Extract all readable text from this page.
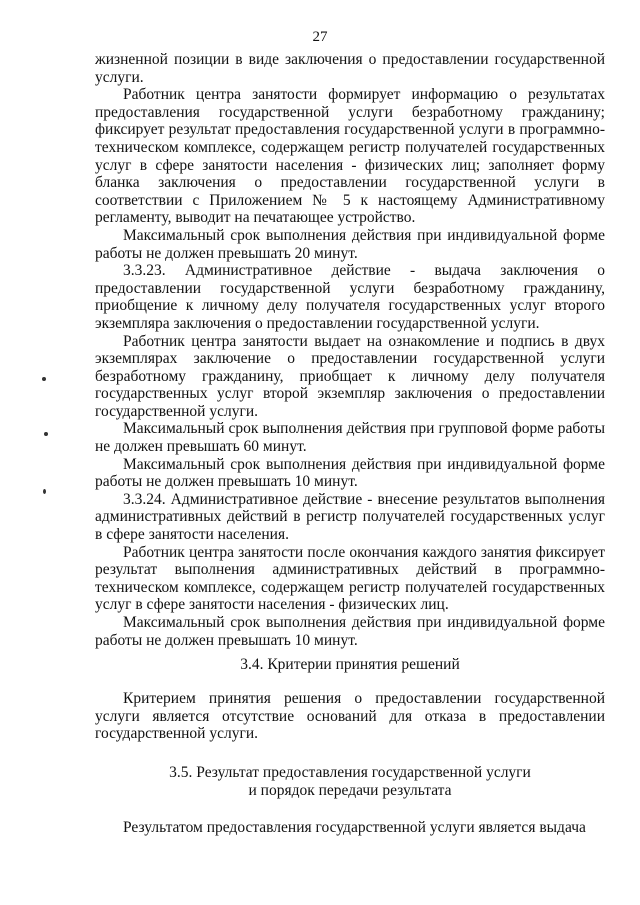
27

жизненной позиции в виде заключения о предоставлении государственной услуги.

Работник центра занятости формирует информацию о результатах предоставления государственной услуги безработному гражданину; фиксирует результат предоставления государственной услуги в программно-техническом комплексе, содержащем регистр получателей государственных услуг в сфере занятости населения - физических лиц; заполняет форму бланка заключения о предоставлении государственной услуги в соответствии с Приложением № 5 к настоящему Административному регламенту, выводит на печатающее устройство.

Максимальный срок выполнения действия при индивидуальной форме работы не должен превышать 20 минут.

3.3.23. Административное действие - выдача заключения о предоставлении государственной услуги безработному гражданину, приобщение к личному делу получателя государственных услуг второго экземпляра заключения о предоставлении государственной услуги.

Работник центра занятости выдает на ознакомление и подпись в двух экземплярах заключение о предоставлении государственной услуги безработному гражданину, приобщает к личному делу получателя государственных услуг второй экземпляр заключения о предоставлении государственной услуги.

Максимальный срок выполнения действия при групповой форме работы не должен превышать 60 минут.

Максимальный срок выполнения действия при индивидуальной форме работы не должен превышать 10 минут.

3.3.24. Административное действие - внесение результатов выполнения административных действий в регистр получателей государственных услуг в сфере занятости населения.

Работник центра занятости после окончания каждого занятия фиксирует результат выполнения административных действий в программно-техническом комплексе, содержащем регистр получателей государственных услуг в сфере занятости населения - физических лиц.

Максимальный срок выполнения действия при индивидуальной форме работы не должен превышать 10 минут.

3.4. Критерии принятия решений

Критерием принятия решения о предоставлении государственной услуги является отсутствие оснований для отказа в предоставлении государственной услуги.

3.5. Результат предоставления государственной услуги
и порядок передачи результата

Результатом предоставления государственной услуги является выдача
